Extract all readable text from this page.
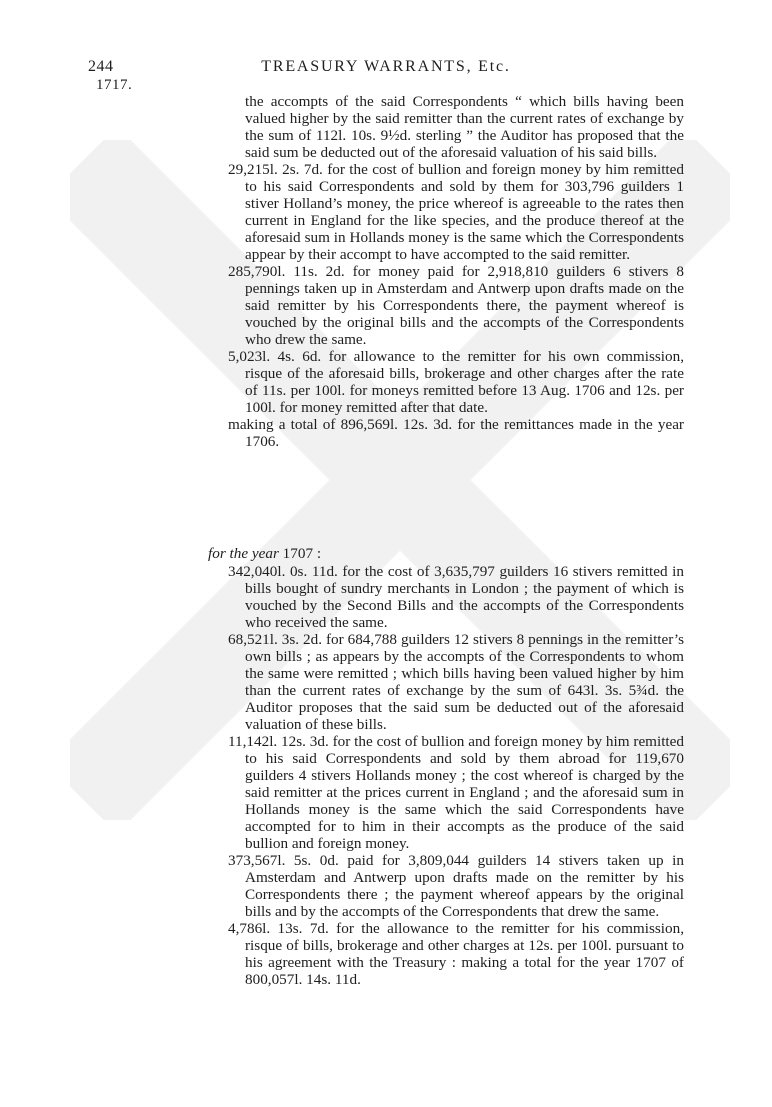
244	TREASURY WARRANTS, Etc.
1717.

the accompts of the said Correspondents “ which bills having been valued higher by the said remitter than the current rates of exchange by the sum of 112l. 10s. 9½d. sterling ” the Auditor has proposed that the said sum be deducted out of the aforesaid valuation of his said bills.

29,215l. 2s. 7d. for the cost of bullion and foreign money by him remitted to his said Correspondents and sold by them for 303,796 guilders 1 stiver Holland’s money, the price whereof is agreeable to the rates then current in England for the like species, and the produce thereof at the aforesaid sum in Hollands money is the same which the Correspondents appear by their accompt to have accompted to the said remitter.

285,790l. 11s. 2d. for money paid for 2,918,810 guilders 6 stivers 8 pennings taken up in Amsterdam and Antwerp upon drafts made on the said remitter by his Correspondents there, the payment whereof is vouched by the original bills and the accompts of the Correspondents who drew the same.

5,023l. 4s. 6d. for allowance to the remitter for his own commission, risque of the aforesaid bills, brokerage and other charges after the rate of 11s. per 100l. for moneys remitted before 13 Aug. 1706 and 12s. per 100l. for money remitted after that date.

making a total of 896,569l. 12s. 3d. for the remittances made in the year 1706.

for the year 1707 :

342,040l. 0s. 11d. for the cost of 3,635,797 guilders 16 stivers remitted in bills bought of sundry merchants in London ; the payment of which is vouched by the Second Bills and the accompts of the Correspondents who received the same.

68,521l. 3s. 2d. for 684,788 guilders 12 stivers 8 pennings in the remitter’s own bills ; as appears by the accompts of the Correspondents to whom the same were remitted ; which bills having been valued higher by him than the current rates of exchange by the sum of 643l. 3s. 5¾d. the Auditor proposes that the said sum be deducted out of the aforesaid valuation of these bills.

11,142l. 12s. 3d. for the cost of bullion and foreign money by him remitted to his said Correspondents and sold by them abroad for 119,670 guilders 4 stivers Hollands money ; the cost whereof is charged by the said remitter at the prices current in England ; and the aforesaid sum in Hollands money is the same which the said Correspondents have accompted for to him in their accompts as the produce of the said bullion and foreign money.

373,567l. 5s. 0d. paid for 3,809,044 guilders 14 stivers taken up in Amsterdam and Antwerp upon drafts made on the remitter by his Correspondents there ; the payment whereof appears by the original bills and by the accompts of the Correspondents that drew the same.

4,786l. 13s. 7d. for the allowance to the remitter for his commission, risque of bills, brokerage and other charges at 12s. per 100l. pursuant to his agreement with the Treasury : making a total for the year 1707 of 800,057l. 14s. 11d.
